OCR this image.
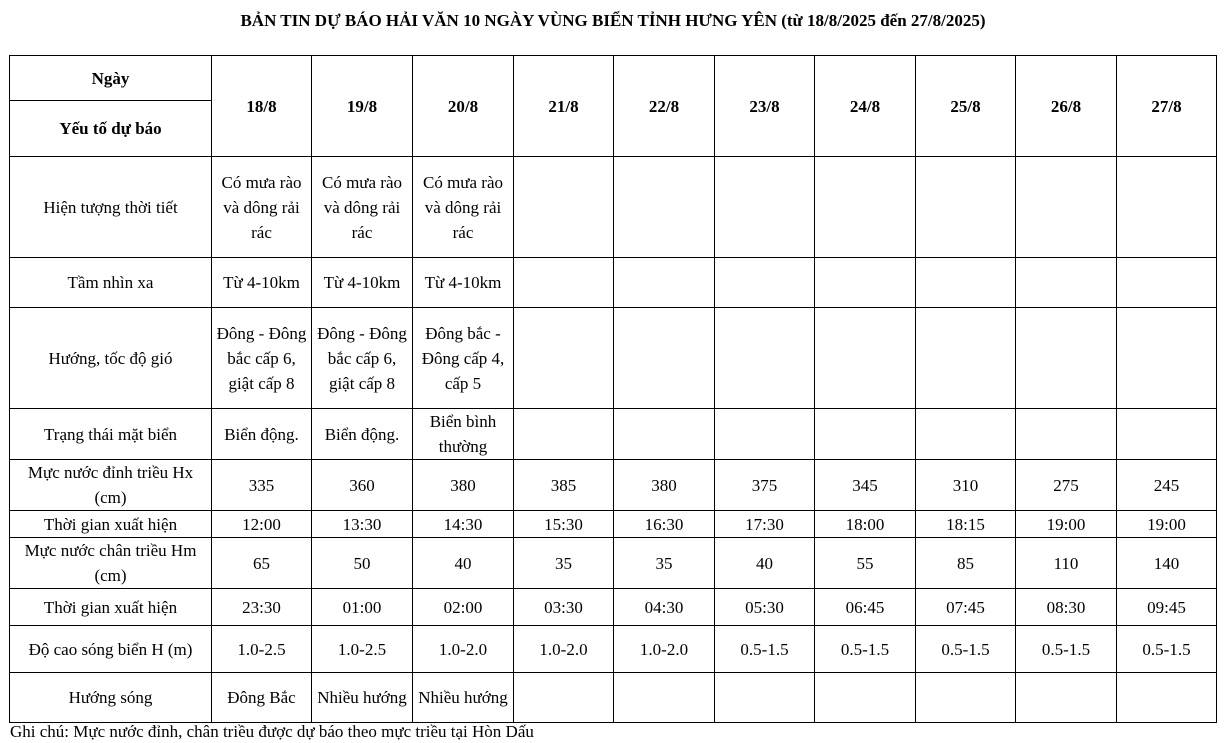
BẢN TIN DỰ BÁO HẢI VĂN 10 NGÀY VÙNG BIỂN TỈNH HƯNG YÊN (từ 18/8/2025 đến 27/8/2025)
Ngày	18/8	19/8	20/8	21/8	22/8	23/8	24/8	25/8	26/8	27/8
Yếu tố dự báo										
Hiện tượng thời tiết	Có mưa rào và dông rải rác	Có mưa rào và dông rải rác	Có mưa rào và dông rải rác							
Tầm nhìn xa	Từ 4-10km	Từ 4-10km	Từ 4-10km							
Hướng, tốc độ gió	Đông - Đông bắc cấp 6, giật cấp 8	Đông - Đông bắc cấp 6, giật cấp 8	Đông bắc - Đông cấp 4, cấp 5							
Trạng thái mặt biển	Biển động.	Biển động.	Biển bình thường							
Mực nước đỉnh triều Hx (cm)	335	360	380	385	380	375	345	310	275	245
Thời gian xuất hiện	12:00	13:30	14:30	15:30	16:30	17:30	18:00	18:15	19:00	19:00
Mực nước chân triều Hm (cm)	65	50	40	35	35	40	55	85	110	140
Thời gian xuất hiện	23:30	01:00	02:00	03:30	04:30	05:30	06:45	07:45	08:30	09:45
Độ cao sóng biển H (m)	1.0-2.5	1.0-2.5	1.0-2.0	1.0-2.0	1.0-2.0	0.5-1.5	0.5-1.5	0.5-1.5	0.5-1.5	0.5-1.5
Hướng sóng	Đông Bắc	Nhiều hướng	Nhiều hướng							
Ghi chú: Mực nước đỉnh, chân triều được dự báo theo mực triều tại Hòn Dấu
